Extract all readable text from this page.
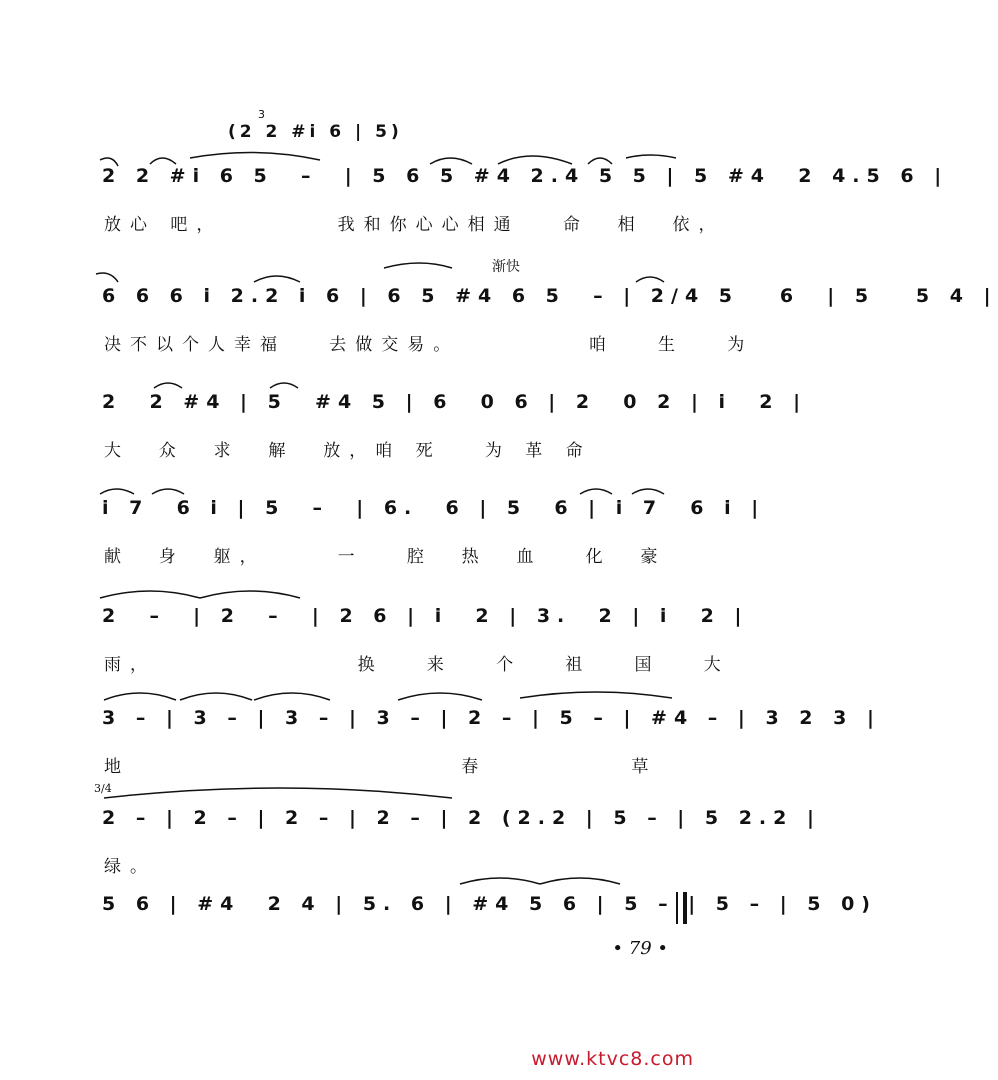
(2 2 #i 6 | 5)
3
2 2 #i 6 5  –  | 5 6 5 #4 2.4 5 5 | 5 #4  2 4.5 6 |
放心 吧，        我和你心心相通   命  相  依，
渐快
6 6 6 i 2.2 i 6 | 6 5 #4 6 5  – | 2/4 5   6  | 5   5 4 |
决不以个人幸福   去做交易。         咱   生   为
2  2 #4 | 5  #4 5 | 6  0 6 | 2  0 2 | i  2 |
大  众  求  解  放，咱 死   为 革 命
i 7  6 i | 5  –  | 6.  6 | 5  6 | i 7  6 i |
献  身  躯，     一   腔  热  血   化  豪
2  –  | 2  –  | 2 6 | i  2 | 3.  2 | i  2 |
雨，              换   来   个   祖   国   大
3 – | 3 – | 3 – | 3 – | 2 – | 5 – | #4 – | 3 2 3 |
地                       春          草
3/4
2 – | 2 – | 2 – | 2 – | 2 (2.2 | 5 – | 5 2.2 |
绿。
5 6 | #4  2 4 | 5. 6 | #4 5 6 | 5 – | 5 – | 5 0)
• 79 •
www.ktvc8.com
